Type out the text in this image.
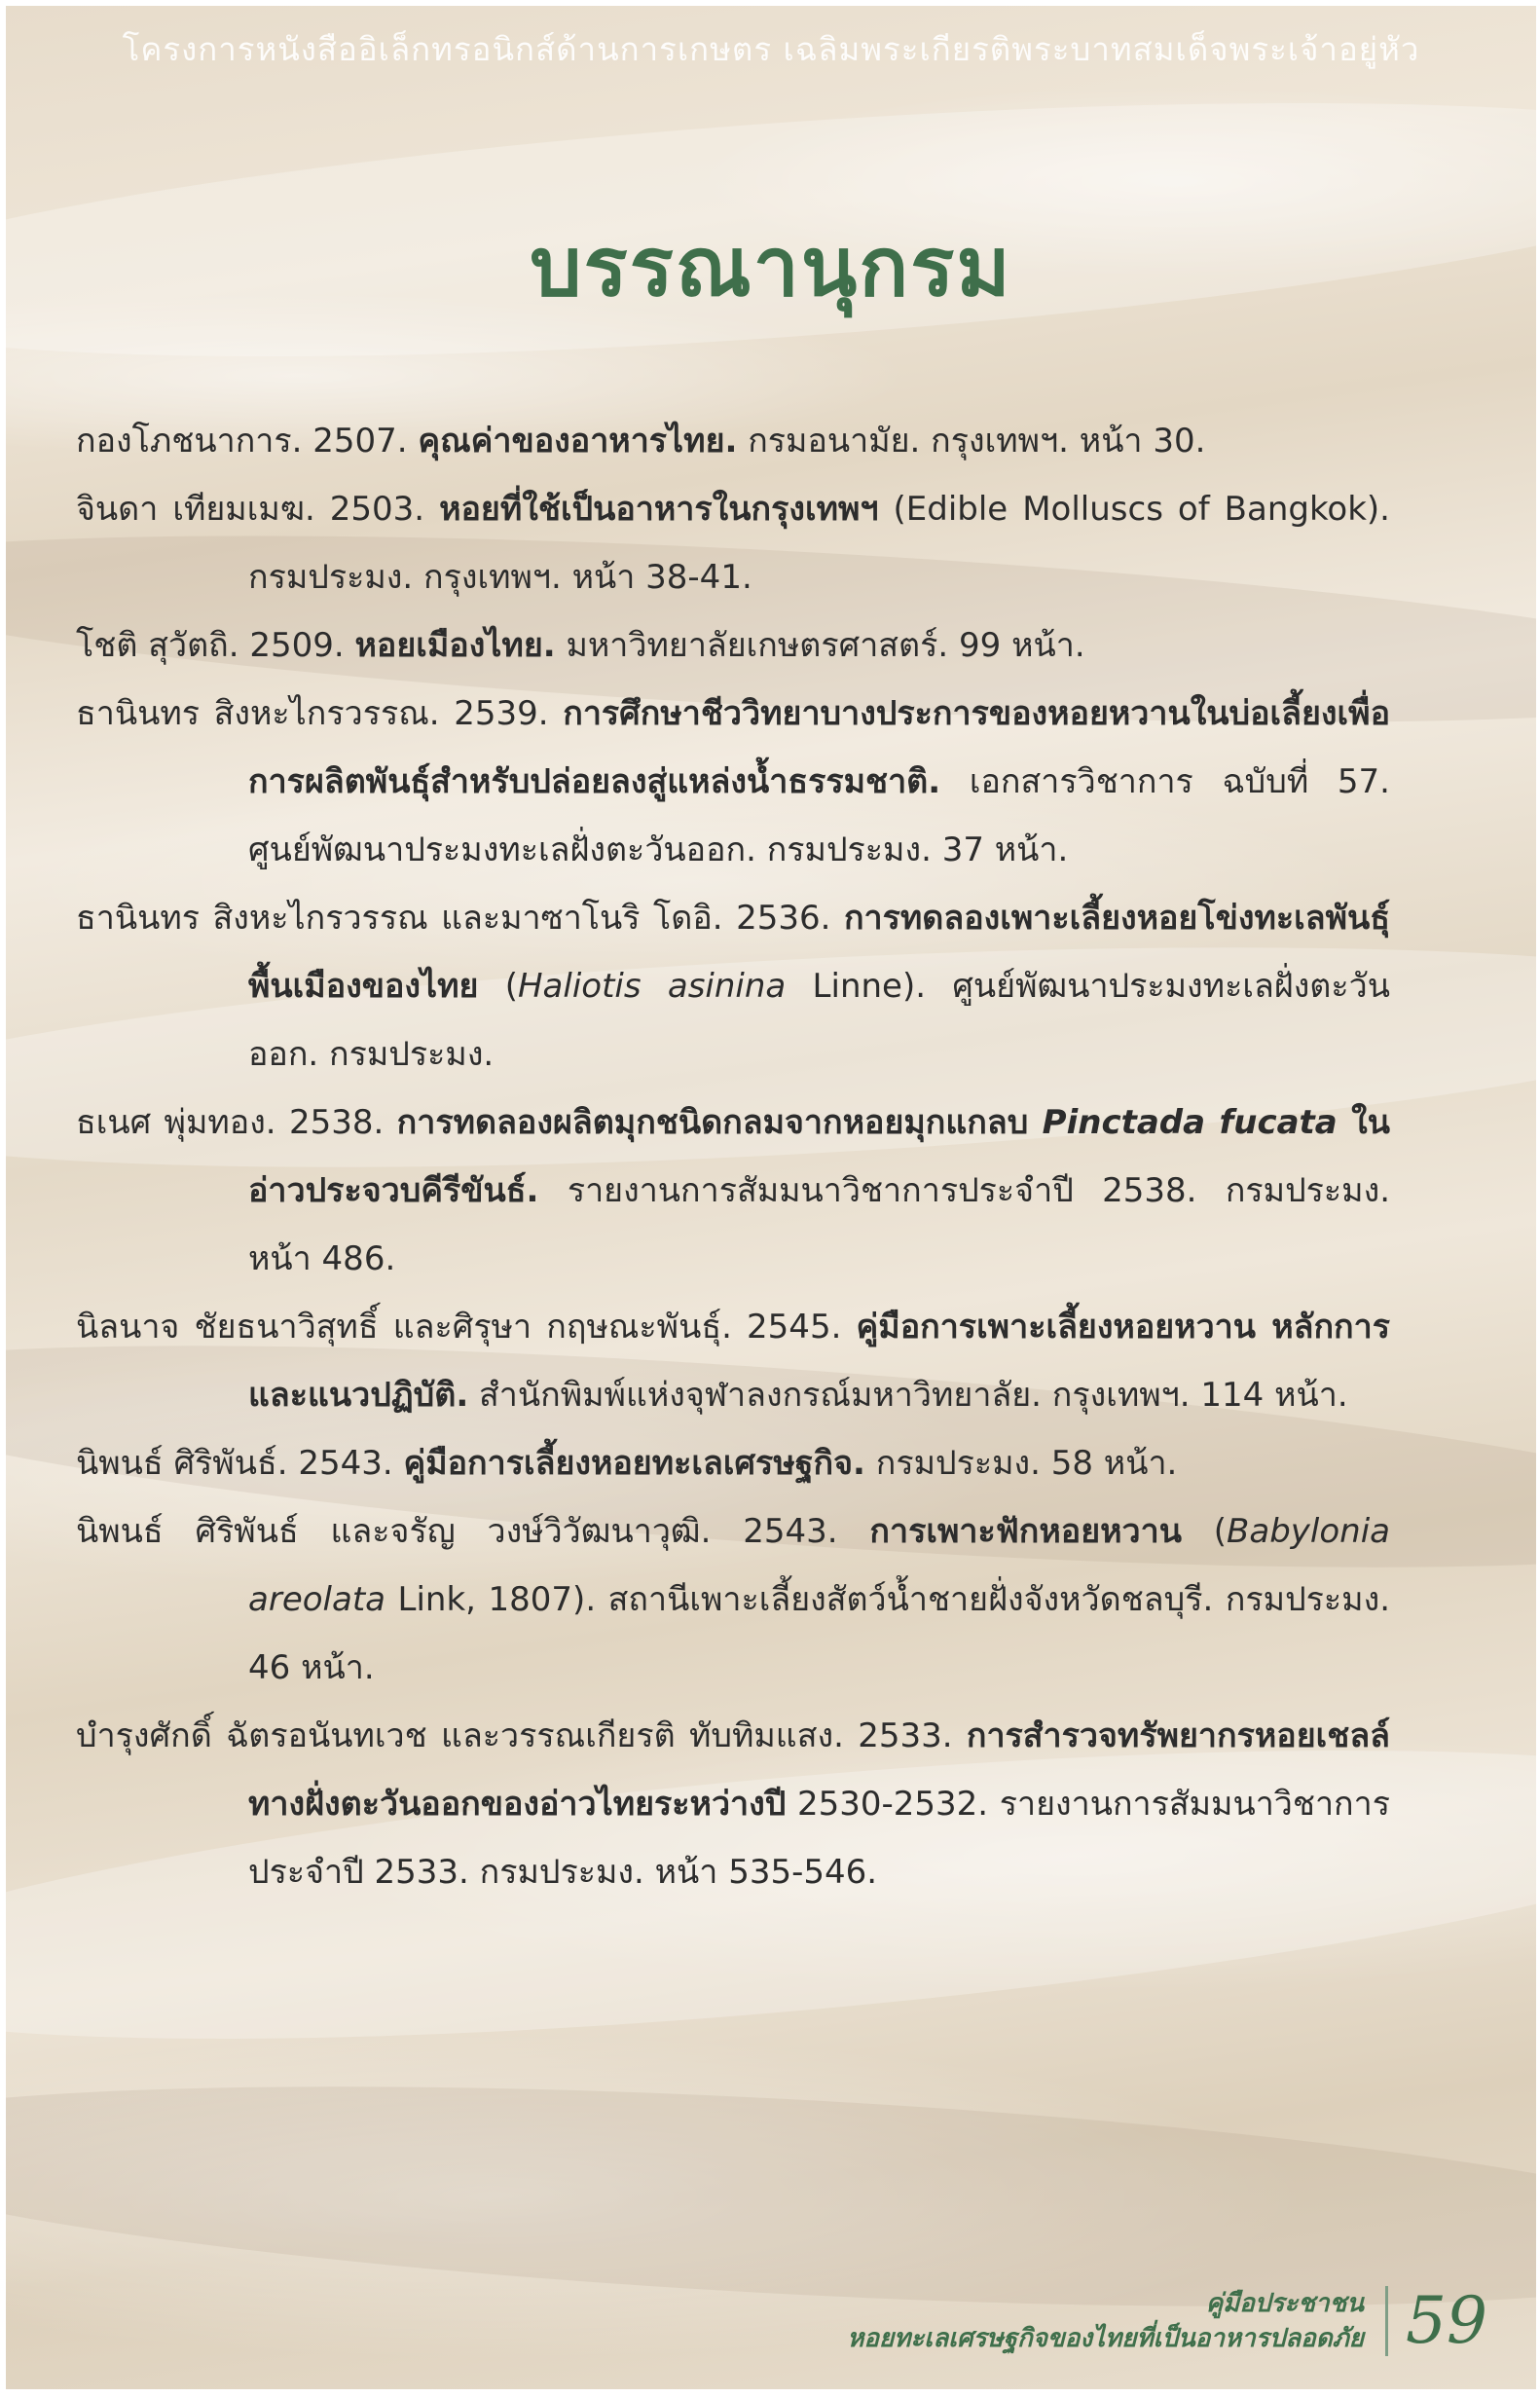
โครงการหนังสืออิเล็กทรอนิกส์ด้านการเกษตร เฉลิมพระเกียรติพระบาทสมเด็จพระเจ้าอยู่หัว
บรรณานุกรม

กองโภชนาการ. 2507. คุณค่าของอาหารไทย. กรมอนามัย. กรุงเทพฯ. หน้า 30.

จินดา เทียมเมฆ. 2503. หอยที่ใช้เป็นอาหารในกรุงเทพฯ (Edible Molluscs of Bangkok). กรมประมง. กรุงเทพฯ. หน้า 38-41.

โชติ สุวัตถิ. 2509. หอยเมืองไทย. มหาวิทยาลัยเกษตรศาสตร์. 99 หน้า.

ธานินทร สิงหะไกรวรรณ. 2539. การศึกษาชีววิทยาบางประการของหอยหวานในบ่อเลี้ยงเพื่อการผลิตพันธุ์สำหรับปล่อยลงสู่แหล่งน้ำธรรมชาติ. เอกสารวิชาการ ฉบับที่ 57. ศูนย์พัฒนาประมงทะเลฝั่งตะวันออก. กรมประมง. 37 หน้า.

ธานินทร สิงหะไกรวรรณ และมาซาโนริ โดอิ. 2536. การทดลองเพาะเลี้ยงหอยโข่งทะเลพันธุ์พื้นเมืองของไทย (Haliotis asinina Linne). ศูนย์พัฒนาประมงทะเลฝั่งตะวันออก. กรมประมง.

ธเนศ พุ่มทอง. 2538. การทดลองผลิตมุกชนิดกลมจากหอยมุกแกลบ Pinctada fucata ในอ่าวประจวบคีรีขันธ์. รายงานการสัมมนาวิชาการประจำปี 2538. กรมประมง. หน้า 486.

นิลนาจ ชัยธนาวิสุทธิ์ และศิรุษา กฤษณะพันธุ์. 2545. คู่มือการเพาะเลี้ยงหอยหวาน หลักการและแนวปฏิบัติ. สำนักพิมพ์แห่งจุฬาลงกรณ์มหาวิทยาลัย. กรุงเทพฯ. 114 หน้า.

นิพนธ์ ศิริพันธ์. 2543. คู่มือการเลี้ยงหอยทะเลเศรษฐกิจ. กรมประมง. 58 หน้า.

นิพนธ์ ศิริพันธ์ และจรัญ วงษ์วิวัฒนาวุฒิ. 2543. การเพาะฟักหอยหวาน (Babylonia areolata Link, 1807). สถานีเพาะเลี้ยงสัตว์น้ำชายฝั่งจังหวัดชลบุรี. กรมประมง. 46 หน้า.

บำรุงศักดิ์ ฉัตรอนันทเวช และวรรณเกียรติ ทับทิมแสง. 2533. การสำรวจทรัพยากรหอยเชลล์ทางฝั่งตะวันออกของอ่าวไทยระหว่างปี 2530-2532. รายงานการสัมมนาวิชาการประจำปี 2533. กรมประมง. หน้า 535-546.

คู่มือประชาชน
หอยทะเลเศรษฐกิจของไทยที่เป็นอาหารปลอดภัย 59
